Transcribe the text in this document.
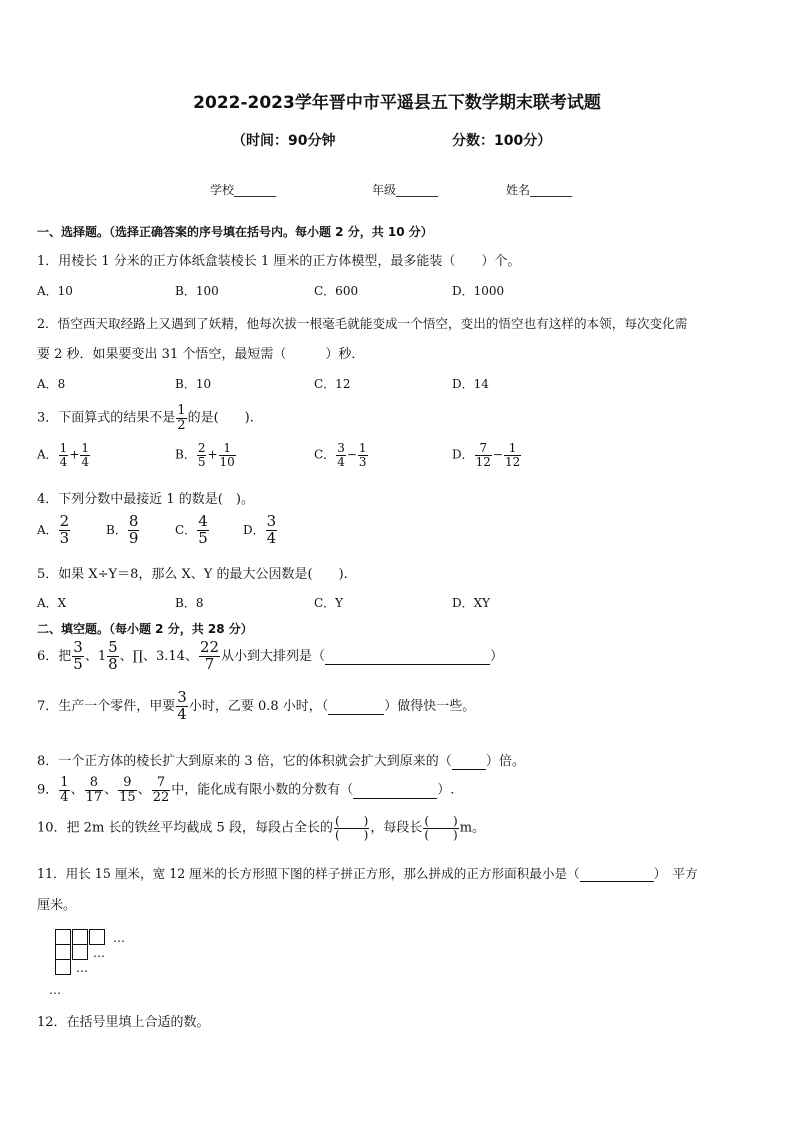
2022-2023学年晋中市平遥县五下数学期末联考试题
（时间：90分钟	分数：100分）
学校_______	年级_______	姓名_______
一、选择题。（选择正确答案的序号填在括号内。每小题 2 分，共 10 分）
1．用棱长 1 分米的正方体纸盒装棱长 1 厘米的正方体模型，最多能装（　　）个。
A．10	B．100	C．600	D．1000
2．悟空西天取经路上又遇到了妖精，他每次拔一根毫毛就能变成一个悟空，变出的悟空也有这样的本领，每次变化需
要 2 秒．如果要变出 31 个悟空，最短需（　　　）秒．
A．8	B．10	C．12	D．14
3．下面算式的结果不是 $\frac{1}{2}$ 的是(　　).
A． $\frac{1}{4} + \frac{1}{4}$	B． $\frac{2}{5} + \frac{1}{10}$	C． $\frac{3}{4} - \frac{1}{3}$	D． $\frac{7}{12} - \frac{1}{12}$
4．下列分数中最接近 1 的数是(　)。
A． $\frac{2}{3}$	B． $\frac{8}{9}$	C． $\frac{4}{5}$	D． $\frac{3}{4}$
5．如果 X÷Y＝8，那么 X、Y 的最大公因数是(　　).
A．X	B．8	C．Y	D．XY
二、填空题。（每小题 2 分，共 28 分）
6．把 $\frac{3}{5}$ 、$1 \frac{5}{8}$ 、∏、3.14、 $\frac{22}{7}$ 从小到大排列是（	）
7．生产一个零件，甲要 $\frac{3}{4}$ 小时，乙要 0.8 小时，（	）做得快一些。
8．一个正方体的棱长扩大到原来的 3 倍，它的体积就会扩大到原来的（	）倍。
9． $\frac{1}{4}$ 、 $\frac{8}{17}$ 、 $\frac{9}{15}$ 、 $\frac{7}{22}$ 中，能化成有限小数的分数有（	）.
10．把 2m 长的铁丝平均截成 5 段，每段占全长的 $\frac{( )}{( )}$ ，每段长 $\frac{( )}{( )}$ m。
11．用长 15 厘米，宽 12 厘米的长方形照下图的样子拼正方形，那么拼成的正方形面积最小是（	）　平方
厘米。
…
…
…
…
12．在括号里填上合适的数。
